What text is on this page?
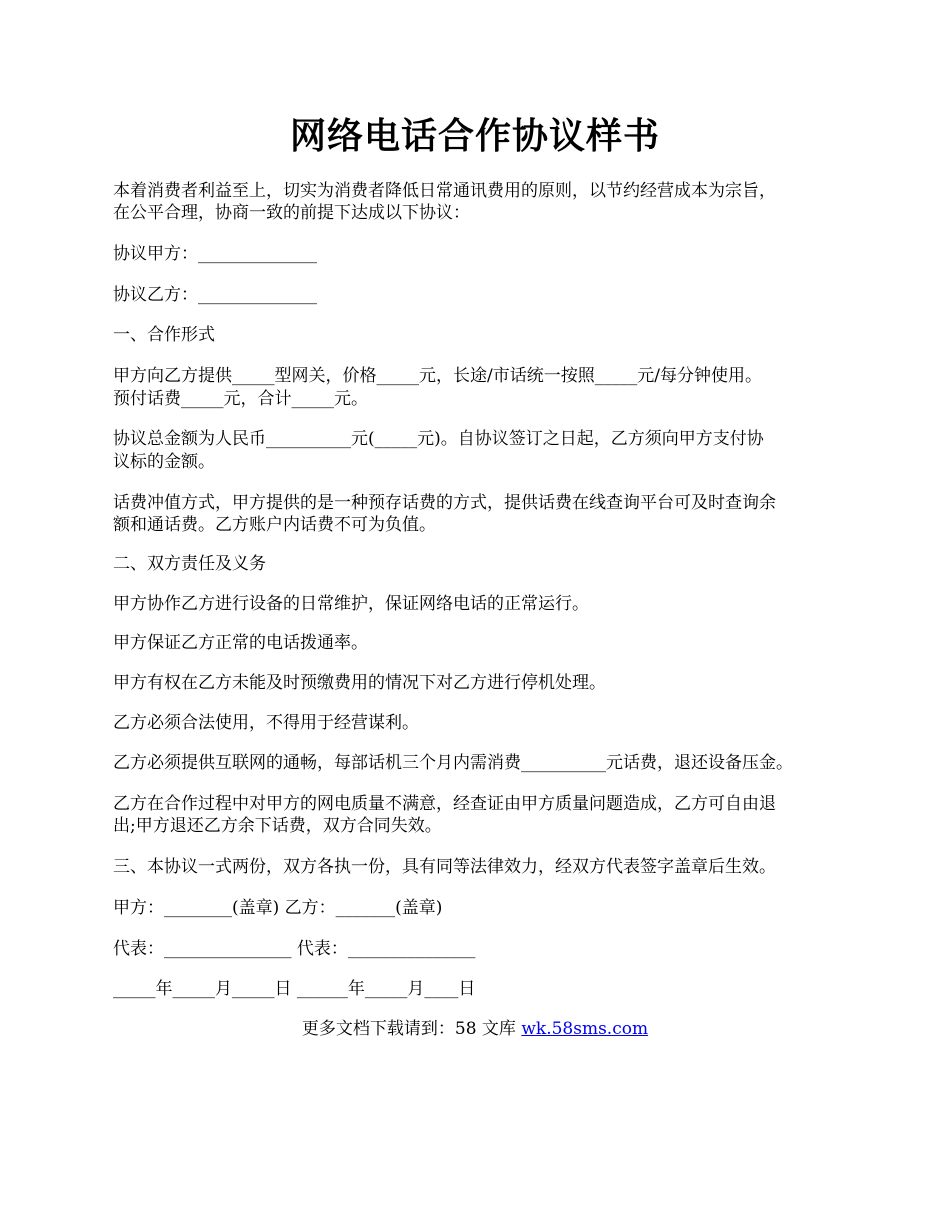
网络电话合作协议样书
本着消费者利益至上，切实为消费者降低日常通讯费用的原则，以节约经营成本为宗旨，
在公平合理，协商一致的前提下达成以下协议：
协议甲方：______________
协议乙方：______________
一、合作形式
甲方向乙方提供_____型网关，价格_____元，长途/市话统一按照_____元/每分钟使用。
预付话费_____元，合计_____元。
协议总金额为人民币__________元(_____元)。自协议签订之日起，乙方须向甲方支付协
议标的金额。
话费冲值方式，甲方提供的是一种预存话费的方式，提供话费在线查询平台可及时查询余
额和通话费。乙方账户内话费不可为负值。
二、双方责任及义务
甲方协作乙方进行设备的日常维护，保证网络电话的正常运行。
甲方保证乙方正常的电话拨通率。
甲方有权在乙方未能及时预缴费用的情况下对乙方进行停机处理。
乙方必须合法使用，不得用于经营谋利。
乙方必须提供互联网的通畅，每部话机三个月内需消费__________元话费，退还设备压金。
乙方在合作过程中对甲方的网电质量不满意，经查证由甲方质量问题造成，乙方可自由退
出;甲方退还乙方余下话费，双方合同失效。
三、本协议一式两份，双方各执一份，具有同等法律效力，经双方代表签字盖章后生效。
甲方：________(盖章) 乙方：_______(盖章)
代表：_______________ 代表：_______________
_____年_____月_____日 ______年_____月____日
更多文档下载请到：58 文库 wk.58sms.com
